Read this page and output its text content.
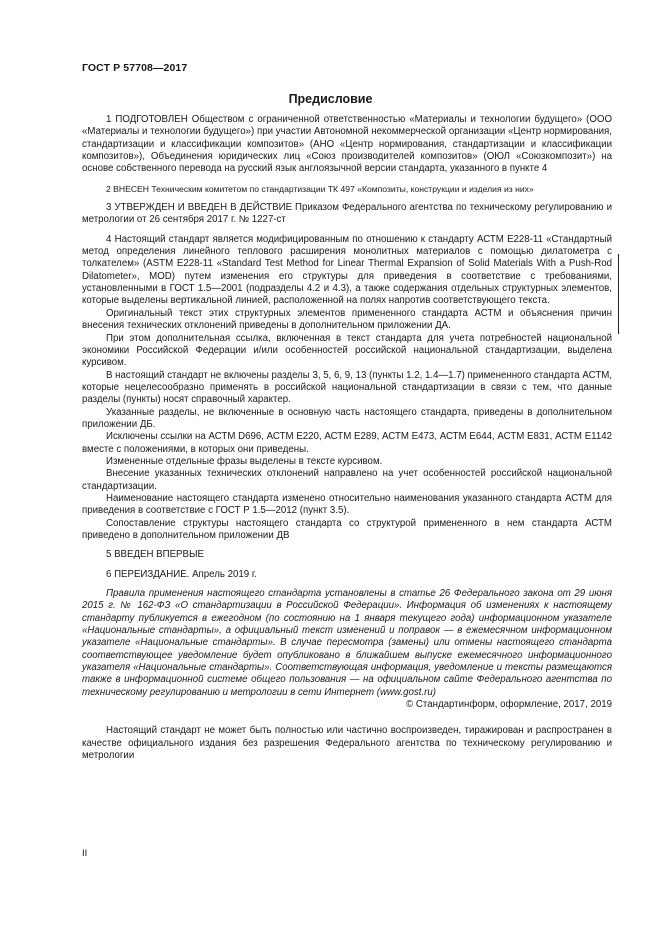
ГОСТ Р 57708—2017
Предисловие

1 ПОДГОТОВЛЕН Обществом с ограниченной ответственностью «Материалы и технологии будущего» (ООО «Материалы и технологии будущего») при участии Автономной некоммерческой организации «Центр нормирования, стандартизации и классификации композитов» (АНО «Центр нормирования, стандартизации и классификации композитов»), Объединения юридических лиц «Союз производителей композитов» (ОЮЛ «Союзкомпозит») на основе собственного перевода на русский язык англоязычной версии стандарта, указанного в пункте 4

2 ВНЕСЕН Техническим комитетом по стандартизации ТК 497 «Композиты, конструкции и изделия из них»

3 УТВЕРЖДЕН И ВВЕДЕН В ДЕЙСТВИЕ Приказом Федерального агентства по техническому регулированию и метрологии от 26 сентября 2017 г. № 1227-ст

4 Настоящий стандарт является модифицированным по отношению к стандарту АСТМ Е228-11 «Стандартный метод определения линейного теплового расширения монолитных материалов с помощью дилатометра с толкателем» (ASTM E228-11 «Standard Test Method for Linear Thermal Expansion of Solid Materials With a Push-Rod Dilatometer», MOD) путем изменения его структуры для приведения в соответствие с требованиями, установленными в ГОСТ 1.5—2001 (подразделы 4.2 и 4.3), а также содержания отдельных структурных элементов, которые выделены вертикальной линией, расположенной на полях напротив соответствующего текста.

Оригинальный текст этих структурных элементов примененного стандарта АСТМ и объяснения причин внесения технических отклонений приведены в дополнительном приложении ДА.

При этом дополнительная ссылка, включенная в текст стандарта для учета потребностей национальной экономики Российской Федерации и/или особенностей российской национальной стандартизации, выделена курсивом.

В настоящий стандарт не включены разделы 3, 5, 6, 9, 13 (пункты 1.2, 1.4—1.7) примененного стандарта АСТМ, которые нецелесообразно применять в российской национальной стандартизации в связи с тем, что данные разделы (пункты) носят справочный характер.

Указанные разделы, не включенные в основную часть настоящего стандарта, приведены в дополнительном приложении ДБ.

Исключены ссылки на АСТМ D696, АСТМ Е220, АСТМ Е289, АСТМ Е473, АСТМ Е644, АСТМ Е831, АСТМ Е1142 вместе с положениями, в которых они приведены.

Измененные отдельные фразы выделены в тексте курсивом.

Внесение указанных технических отклонений направлено на учет особенностей российской национальной стандартизации.

Наименование настоящего стандарта изменено относительно наименования указанного стандарта АСТМ для приведения в соответствие с ГОСТ Р 1.5—2012 (пункт 3.5).

Сопоставление структуры настоящего стандарта со структурой примененного в нем стандарта АСТМ приведено в дополнительном приложении ДВ

5 ВВЕДЕН ВПЕРВЫЕ

6 ПЕРЕИЗДАНИЕ. Апрель 2019 г.

Правила применения настоящего стандарта установлены в статье 26 Федерального закона от 29 июня 2015 г. № 162-ФЗ «О стандартизации в Российской Федерации». Информация об изменениях к настоящему стандарту публикуется в ежегодном (по состоянию на 1 января текущего года) информационном указателе «Национальные стандарты», а официальный текст изменений и поправок — в ежемесячном информационном указателе «Национальные стандарты». В случае пересмотра (замены) или отмены настоящего стандарта соответствующее уведомление будет опубликовано в ближайшем выпуске ежемесячного информационного указателя «Национальные стандарты». Соответствующая информация, уведомление и тексты размещаются также в информационной системе общего пользования — на официальном сайте Федерального агентства по техническому регулированию и метрологии в сети Интернет (www.gost.ru)

© Стандартинформ, оформление, 2017, 2019

Настоящий стандарт не может быть полностью или частично воспроизведен, тиражирован и распространен в качестве официального издания без разрешения Федерального агентства по техническому регулированию и метрологии

II
